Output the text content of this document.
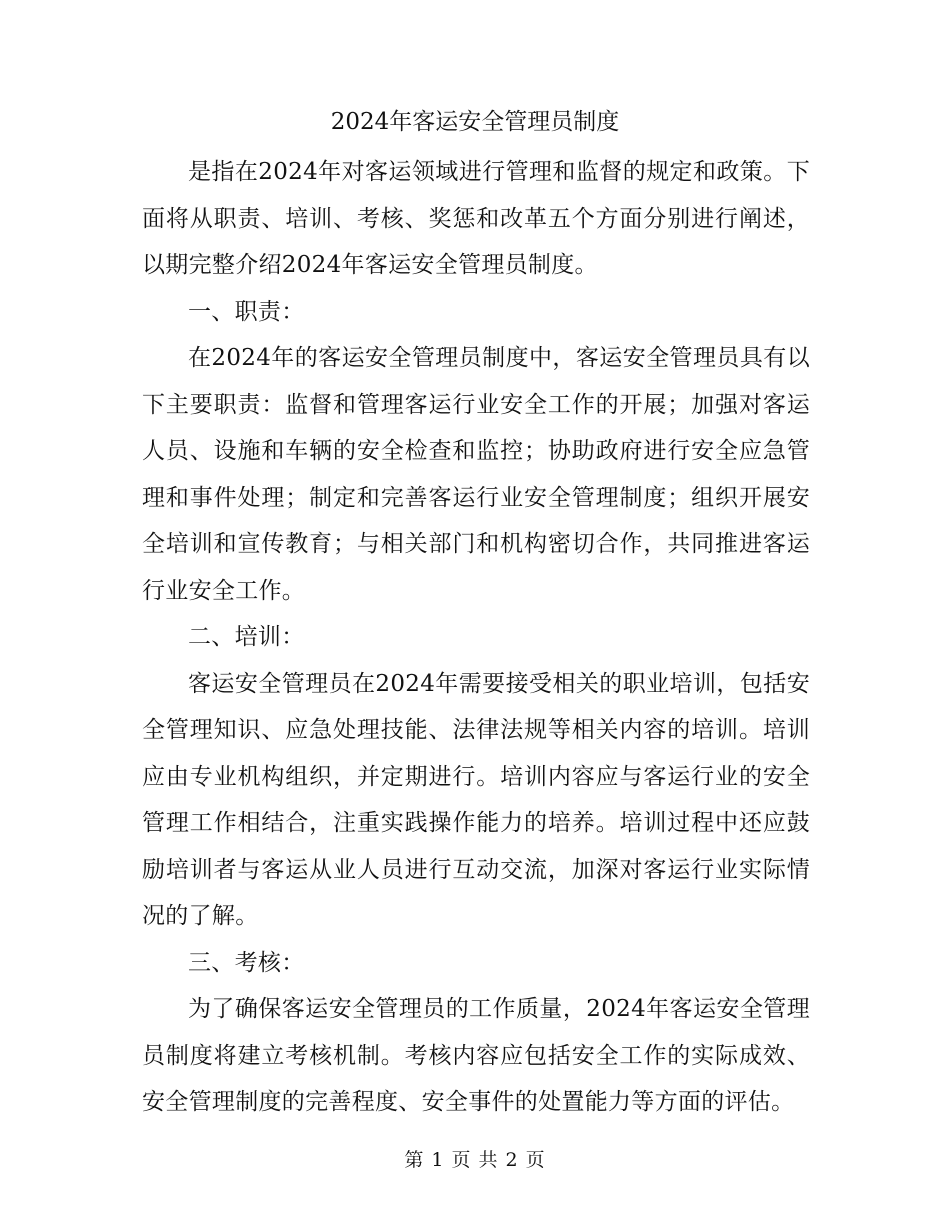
2024年客运安全管理员制度

是指在2024年对客运领域进行管理和监督的规定和政策。下面将从职责、培训、考核、奖惩和改革五个方面分别进行阐述，以期完整介绍2024年客运安全管理员制度。

一、职责：

在2024年的客运安全管理员制度中，客运安全管理员具有以下主要职责：监督和管理客运行业安全工作的开展；加强对客运人员、设施和车辆的安全检查和监控；协助政府进行安全应急管理和事件处理；制定和完善客运行业安全管理制度；组织开展安全培训和宣传教育；与相关部门和机构密切合作，共同推进客运行业安全工作。

二、培训：

客运安全管理员在2024年需要接受相关的职业培训，包括安全管理知识、应急处理技能、法律法规等相关内容的培训。培训应由专业机构组织，并定期进行。培训内容应与客运行业的安全管理工作相结合，注重实践操作能力的培养。培训过程中还应鼓励培训者与客运从业人员进行互动交流，加深对客运行业实际情况的了解。

三、考核：

为了确保客运安全管理员的工作质量，2024年客运安全管理员制度将建立考核机制。考核内容应包括安全工作的实际成效、安全管理制度的完善程度、安全事件的处置能力等方面的评估。

第 1 页 共 2 页
